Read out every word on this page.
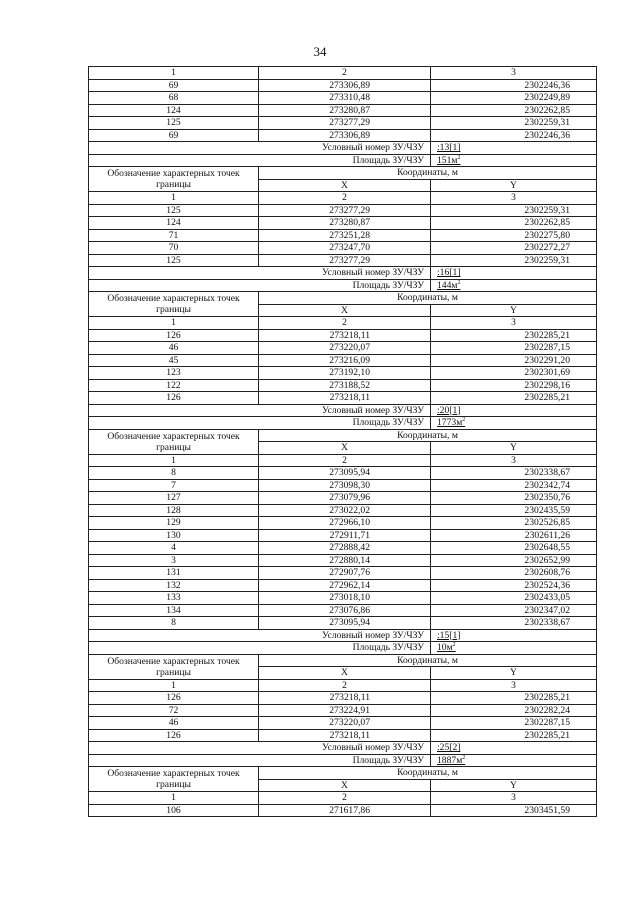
34
1	2	3
69	273306,89	2302246,36
68	273310,48	2302249,89
124	273280,87	2302262,85
125	273277,29	2302259,31
69	273306,89	2302246,36
Условный номер ЗУ/ЧЗУ		:13[1]
Площадь ЗУ/ЧЗУ		$151м^2$
Обозначение характерных точек границы	Координаты, м	
	X	Y
1	2	3
125	273277,29	2302259,31
124	273280,87	2302262,85
71	273251,28	2302275,80
70	273247,70	2302272,27
125	273277,29	2302259,31
Условный номер ЗУ/ЧЗУ		:16[1]
Площадь ЗУ/ЧЗУ		$144м^2$
Обозначение характерных точек границы	Координаты, м	
	X	Y
1	2	3
126	273218,11	2302285,21
46	273220,07	2302287,15
45	273216,09	2302291,20
123	273192,10	2302301,69
122	273188,52	2302298,16
126	273218,11	2302285,21
Условный номер ЗУ/ЧЗУ		:20[1]
Площадь ЗУ/ЧЗУ		$1773м^2$
Обозначение характерных точек границы	Координаты, м	
	X	Y
1	2	3
8	273095,94	2302338,67
7	273098,30	2302342,74
127	273079,96	2302350,76
128	273022,02	2302435,59
129	272966,10	2302526,85
130	272911,71	2302611,26
4	272888,42	2302648,55
3	272880,14	2302652,99
131	272907,76	2302608,76
132	272962,14	2302524,36
133	273018,10	2302433,05
134	273076,86	2302347,02
8	273095,94	2302338,67
Условный номер ЗУ/ЧЗУ		:15[1]
Площадь ЗУ/ЧЗУ		$10м^2$
Обозначение характерных точек границы	Координаты, м	
	X	Y
1	2	3
126	273218,11	2302285,21
72	273224,91	2302282,24
46	273220,07	2302287,15
126	273218,11	2302285,21
Условный номер ЗУ/ЧЗУ		:25[2]
Площадь ЗУ/ЧЗУ		$1887м^2$
Обозначение характерных точек границы	Координаты, м	
	X	Y
1	2	3
106	271617,86	2303451,59
